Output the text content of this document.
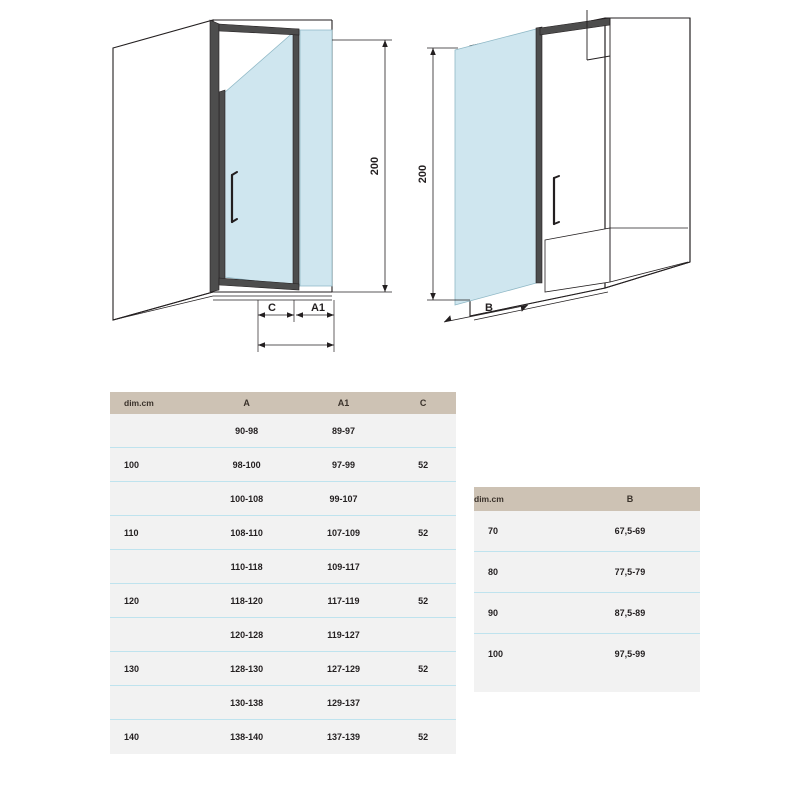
200
C	A1
200
B
dim.cm	A	A1	C
	90-98	89-97	
100	98-100	97-99	52
	100-108	99-107	
110	108-110	107-109	52
	110-118	109-117	
120	118-120	117-119	52
	120-128	119-127	
130	128-130	127-129	52
	130-138	129-137	
140	138-140	137-139	52
dim.cm	B
70	67,5-69
80	77,5-79
90	87,5-89
100	97,5-99
